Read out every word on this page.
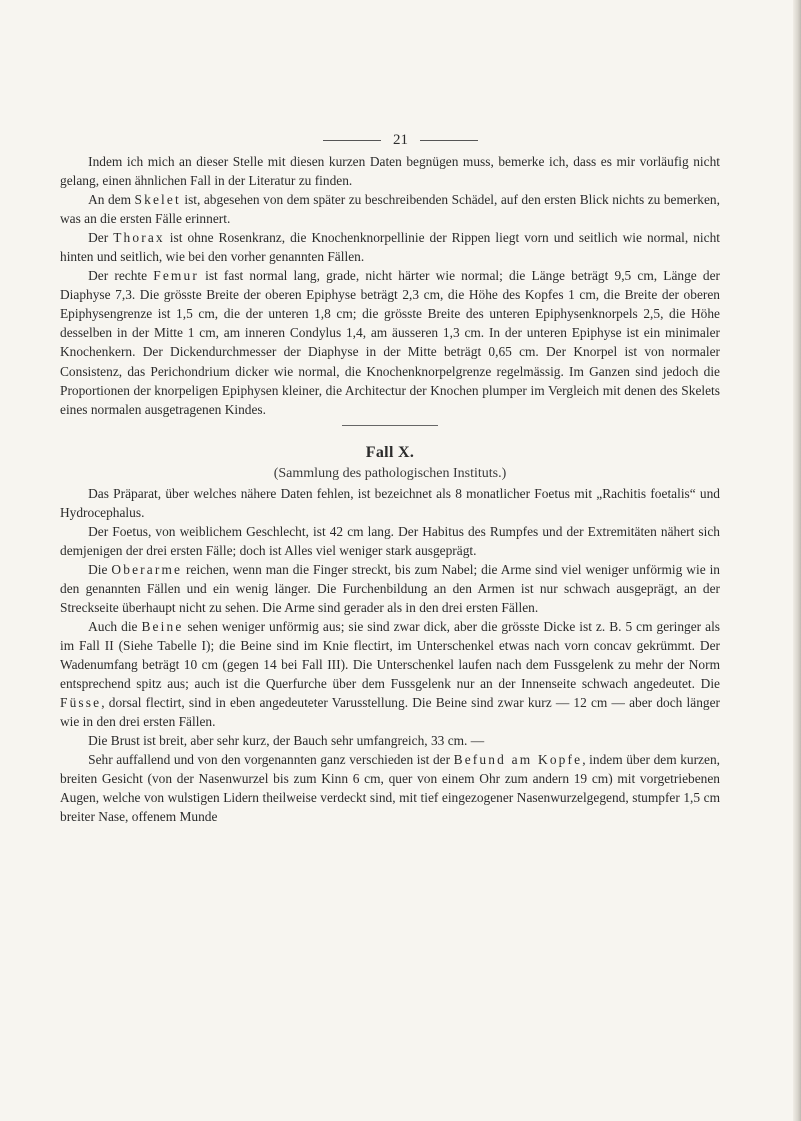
21

Indem ich mich an dieser Stelle mit diesen kurzen Daten begnügen muss, bemerke ich, dass es mir vorläufig nicht gelang, einen ähnlichen Fall in der Literatur zu finden.

An dem Skelet ist, abgesehen von dem später zu beschreibenden Schädel, auf den ersten Blick nichts zu bemerken, was an die ersten Fälle erinnert.

Der Thorax ist ohne Rosenkranz, die Knochenknorpellinie der Rippen liegt vorn und seitlich wie normal, nicht hinten und seitlich, wie bei den vorher genannten Fällen.

Der rechte Femur ist fast normal lang, grade, nicht härter wie normal; die Länge beträgt 9,5 cm, Länge der Diaphyse 7,3. Die grösste Breite der oberen Epiphyse beträgt 2,3 cm, die Höhe des Kopfes 1 cm, die Breite der oberen Epiphysengrenze ist 1,5 cm, die der unteren 1,8 cm; die grösste Breite des unteren Epiphysenknorpels 2,5, die Höhe desselben in der Mitte 1 cm, am inneren Condylus 1,4, am äusseren 1,3 cm. In der unteren Epiphyse ist ein minimaler Knochenkern. Der Dickendurchmesser der Diaphyse in der Mitte beträgt 0,65 cm. Der Knorpel ist von normaler Consistenz, das Perichondrium dicker wie normal, die Knochenknorpelgrenze regelmässig. Im Ganzen sind jedoch die Proportionen der knorpeligen Epiphysen kleiner, die Architectur der Knochen plumper im Vergleich mit denen des Skelets eines normalen ausgetragenen Kindes.

Fall X.
(Sammlung des pathologischen Instituts.)

Das Präparat, über welches nähere Daten fehlen, ist bezeichnet als 8 monatlicher Foetus mit „Rachitis foetalis“ und Hydrocephalus.

Der Foetus, von weiblichem Geschlecht, ist 42 cm lang. Der Habitus des Rumpfes und der Extremitäten nähert sich demjenigen der drei ersten Fälle; doch ist Alles viel weniger stark ausgeprägt.

Die Oberarme reichen, wenn man die Finger streckt, bis zum Nabel; die Arme sind viel weniger unförmig wie in den genannten Fällen und ein wenig länger. Die Furchenbildung an den Armen ist nur schwach ausgeprägt, an der Streckseite überhaupt nicht zu sehen. Die Arme sind gerader als in den drei ersten Fällen.

Auch die Beine sehen weniger unförmig aus; sie sind zwar dick, aber die grösste Dicke ist z. B. 5 cm geringer als im Fall II (Siehe Tabelle I); die Beine sind im Knie flectirt, im Unterschenkel etwas nach vorn concav gekrümmt. Der Wadenumfang beträgt 10 cm (gegen 14 bei Fall III). Die Unterschenkel laufen nach dem Fussgelenk zu mehr der Norm entsprechend spitz aus; auch ist die Querfurche über dem Fussgelenk nur an der Innenseite schwach angedeutet. Die Füsse, dorsal flectirt, sind in eben angedeuteter Varusstellung. Die Beine sind zwar kurz — 12 cm — aber doch länger wie in den drei ersten Fällen.

Die Brust ist breit, aber sehr kurz, der Bauch sehr umfangreich, 33 cm. —

Sehr auffallend und von den vorgenannten ganz verschieden ist der Befund am Kopfe, indem über dem kurzen, breiten Gesicht (von der Nasenwurzel bis zum Kinn 6 cm, quer von einem Ohr zum andern 19 cm) mit vorgetriebenen Augen, welche von wulstigen Lidern theilweise verdeckt sind, mit tief eingezogener Nasenwurzelgegend, stumpfer 1,5 cm breiter Nase, offenem Munde
